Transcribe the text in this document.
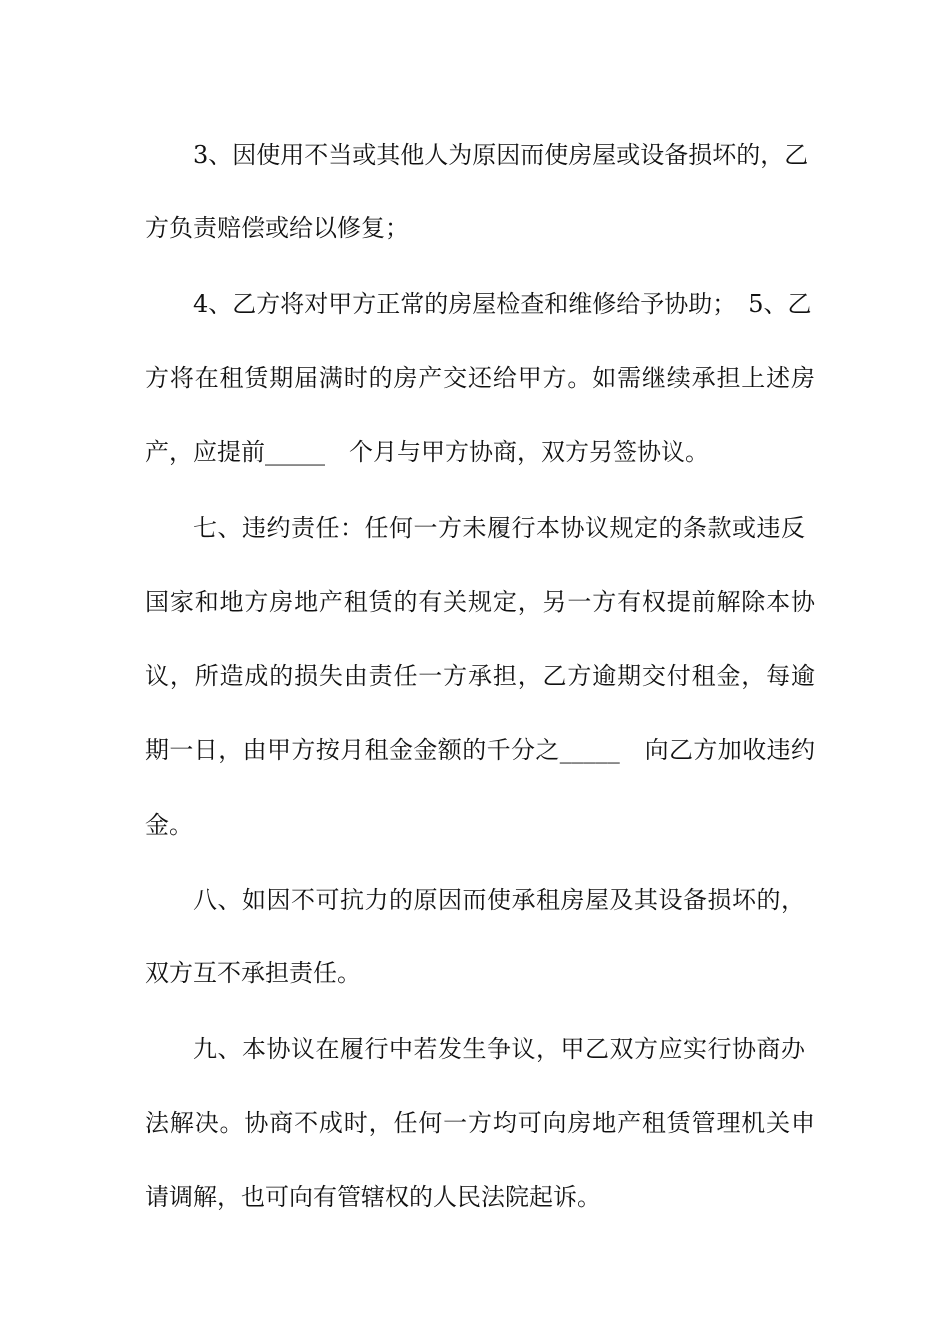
3、因使用不当或其他人为原因而使房屋或设备损坏的，乙
方负责赔偿或给以修复；
4、乙方将对甲方正常的房屋检查和维修给予协助；　5、乙
方将在租赁期届满时的房产交还给甲方。如需继续承担上述房
产，应提前_____　个月与甲方协商，双方另签协议。
七、违约责任：任何一方未履行本协议规定的条款或违反
国家和地方房地产租赁的有关规定，另一方有权提前解除本协
议，所造成的损失由责任一方承担，乙方逾期交付租金，每逾
期一日，由甲方按月租金金额的千分之_____　向乙方加收违约
金。
八、如因不可抗力的原因而使承租房屋及其设备损坏的，
双方互不承担责任。
九、本协议在履行中若发生争议，甲乙双方应实行协商办
法解决。协商不成时，任何一方均可向房地产租赁管理机关申
请调解，也可向有管辖权的人民法院起诉。
